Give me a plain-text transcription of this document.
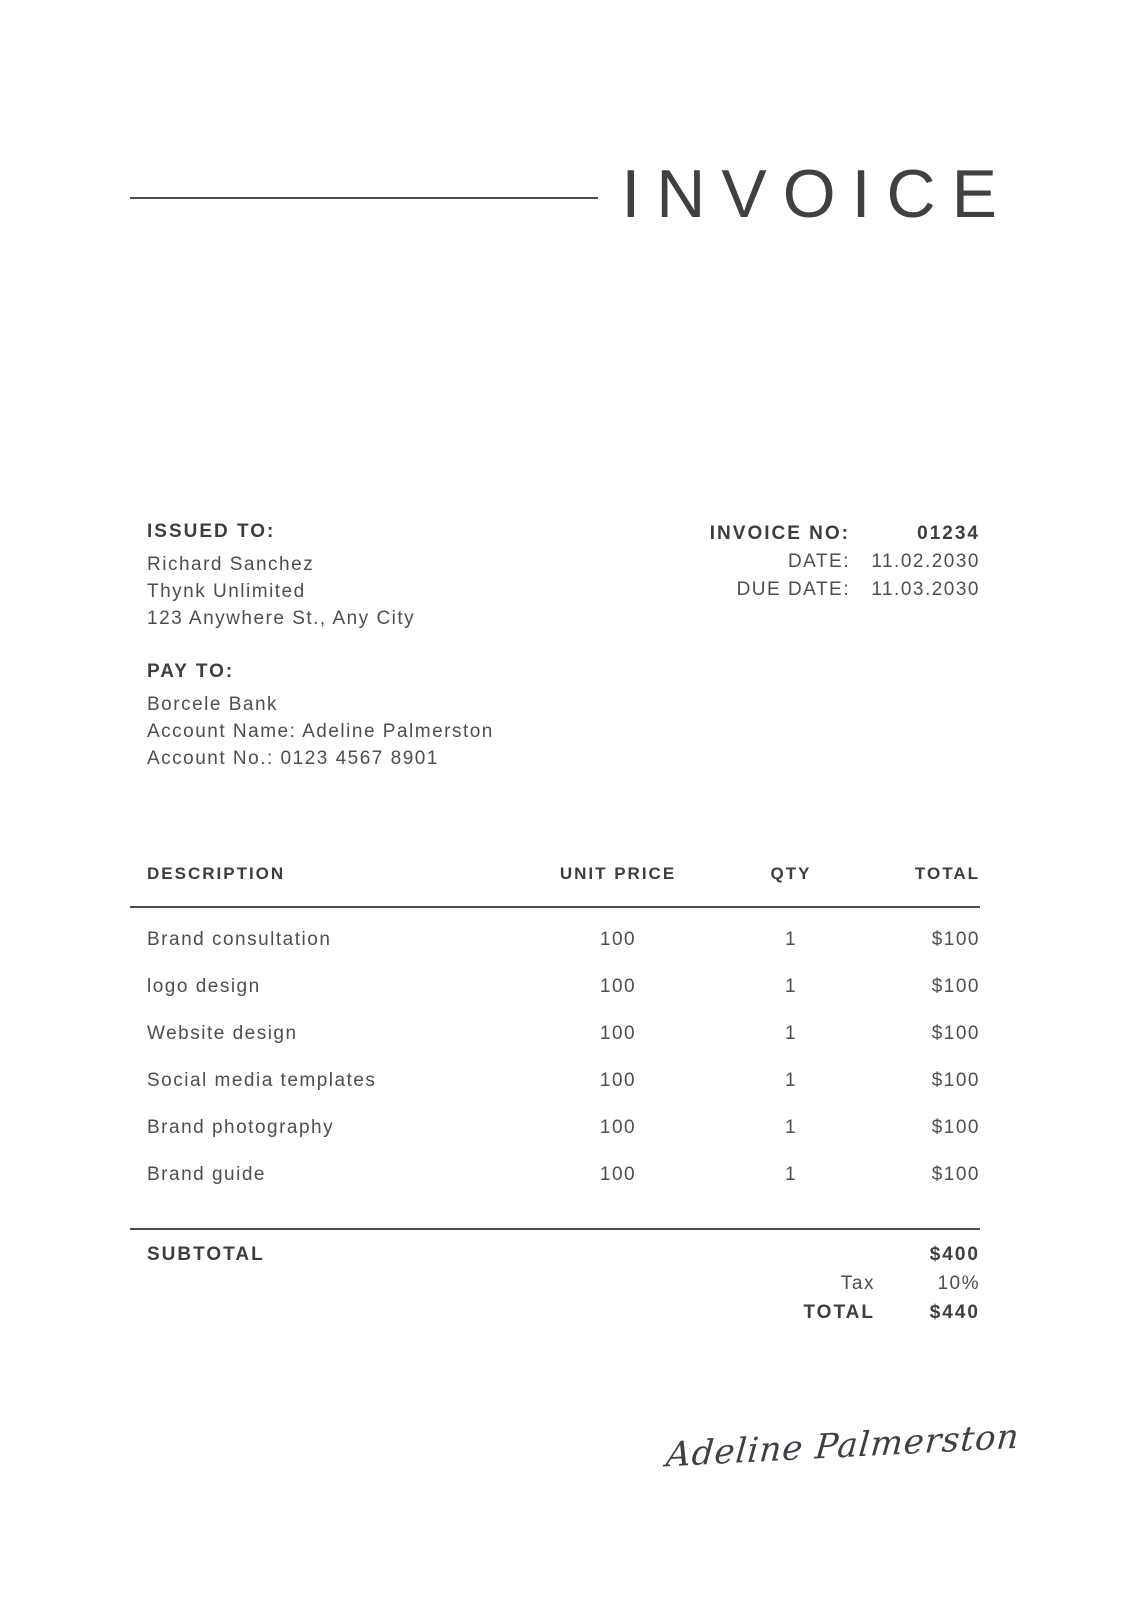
INVOICE
ISSUED TO:
Richard Sanchez
Thynk Unlimited
123 Anywhere St., Any City
PAY TO:
Borcele Bank
Account Name: Adeline Palmerston
Account No.: 0123 4567 8901
INVOICE NO:	01234
DATE:	11.02.2030
DUE DATE:	11.03.2030
DESCRIPTION	UNIT PRICE	QTY	TOTAL
Brand consultation	100	1	$100
logo design	100	1	$100
Website design	100	1	$100
Social media templates	100	1	$100
Brand photography	100	1	$100
Brand guide	100	1	$100
SUBTOTAL	$400
Tax	10%
TOTAL	$440
Adeline Palmerston
